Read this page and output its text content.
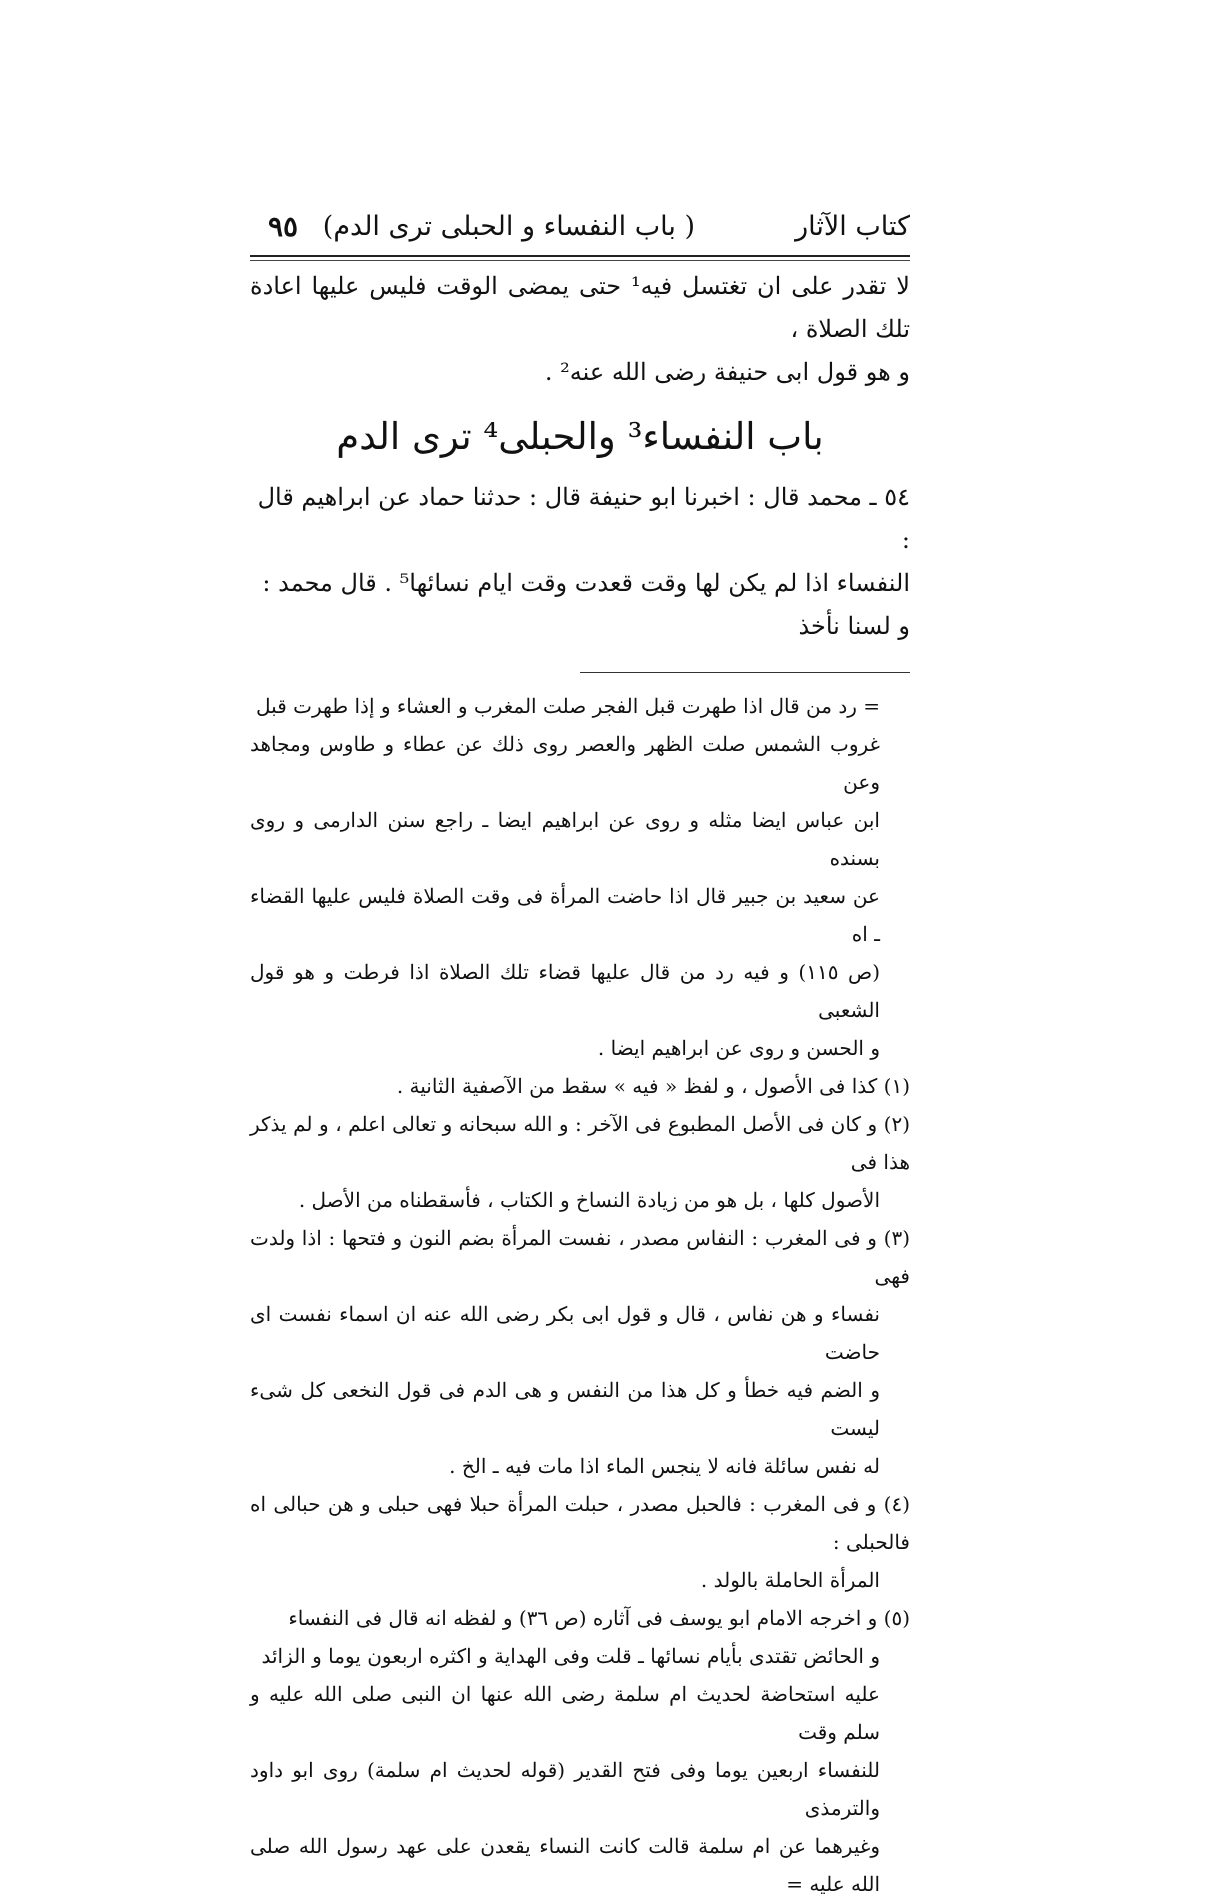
كتاب الآثار
( باب النفساء و الحبلى ترى الدم)
٩٥

لا تقدر على ان تغتسل فيه¹ حتى يمضى الوقت فليس عليها اعادة تلك الصلاة ،

و هو قول ابى حنيفة رضى الله عنه² .

باب النفساء³ والحبلى⁴ ترى الدم

٥٤ ـ محمد قال : اخبرنا ابو حنيفة قال : حدثنا حماد عن ابراهيم قال :

النفساء اذا لم يكن لها وقت قعدت وقت ايام نسائها⁵ . قال محمد : و لسنا نأخذ

= رد من قال اذا طهرت قبل الفجر صلت المغرب و العشاء و إذا طهرت قبل

غروب الشمس صلت الظهر والعصر روى ذلك عن عطاء و طاوس ومجاهد وعن

ابن عباس ايضا مثله و روى عن ابراهيم ايضا ـ راجع سنن الدارمى و روى بسنده

عن سعيد بن جبير قال اذا حاضت المرأة فى وقت الصلاة فليس عليها القضاء ـ اه

(ص ١١٥) و فيه رد من قال عليها قضاء تلك الصلاة اذا فرطت و هو قول الشعبى

و الحسن و روى عن ابراهيم ايضا .

(١) كذا فى الأصول ، و لفظ « فيه » سقط من الآصفية الثانية .

(٢) و كان فى الأصل المطبوع فى الآخر : و الله سبحانه و تعالى اعلم ، و لم يذكر هذا فى

الأصول كلها ، بل هو من زيادة النساخ و الكتاب ، فأسقطناه من الأصل .

(٣) و فى المغرب : النفاس مصدر ، نفست المرأة بضم النون و فتحها : اذا ولدت فهى

نفساء و هن نفاس ، قال و قول ابى بكر رضى الله عنه ان اسماء نفست اى حاضت

و الضم فيه خطأ و كل هذا من النفس و هى الدم فى قول النخعى كل شىء ليست

له نفس سائلة فانه لا ينجس الماء اذا مات فيه ـ الخ .

(٤) و فى المغرب : فالحبل مصدر ، حبلت المرأة حبلا فهى حبلى و هن حبالى اه فالحبلى :

المرأة الحاملة بالولد .

(٥) و اخرجه الامام ابو يوسف فى آثاره (ص ٣٦) و لفظه انه قال فى النفساء

و الحائض تقتدى بأيام نسائها ـ قلت وفى الهداية و اكثره اربعون يوما و الزائد

عليه استحاضة لحديث ام سلمة رضى الله عنها ان النبى صلى الله عليه و سلم وقت

للنفساء اربعين يوما وفى فتح القدير (قوله لحديث ام سلمة) روى ابو داود والترمذى

وغيرهما عن ام سلمة قالت كانت النساء يقعدن على عهد رسول الله صلى الله عليه =
